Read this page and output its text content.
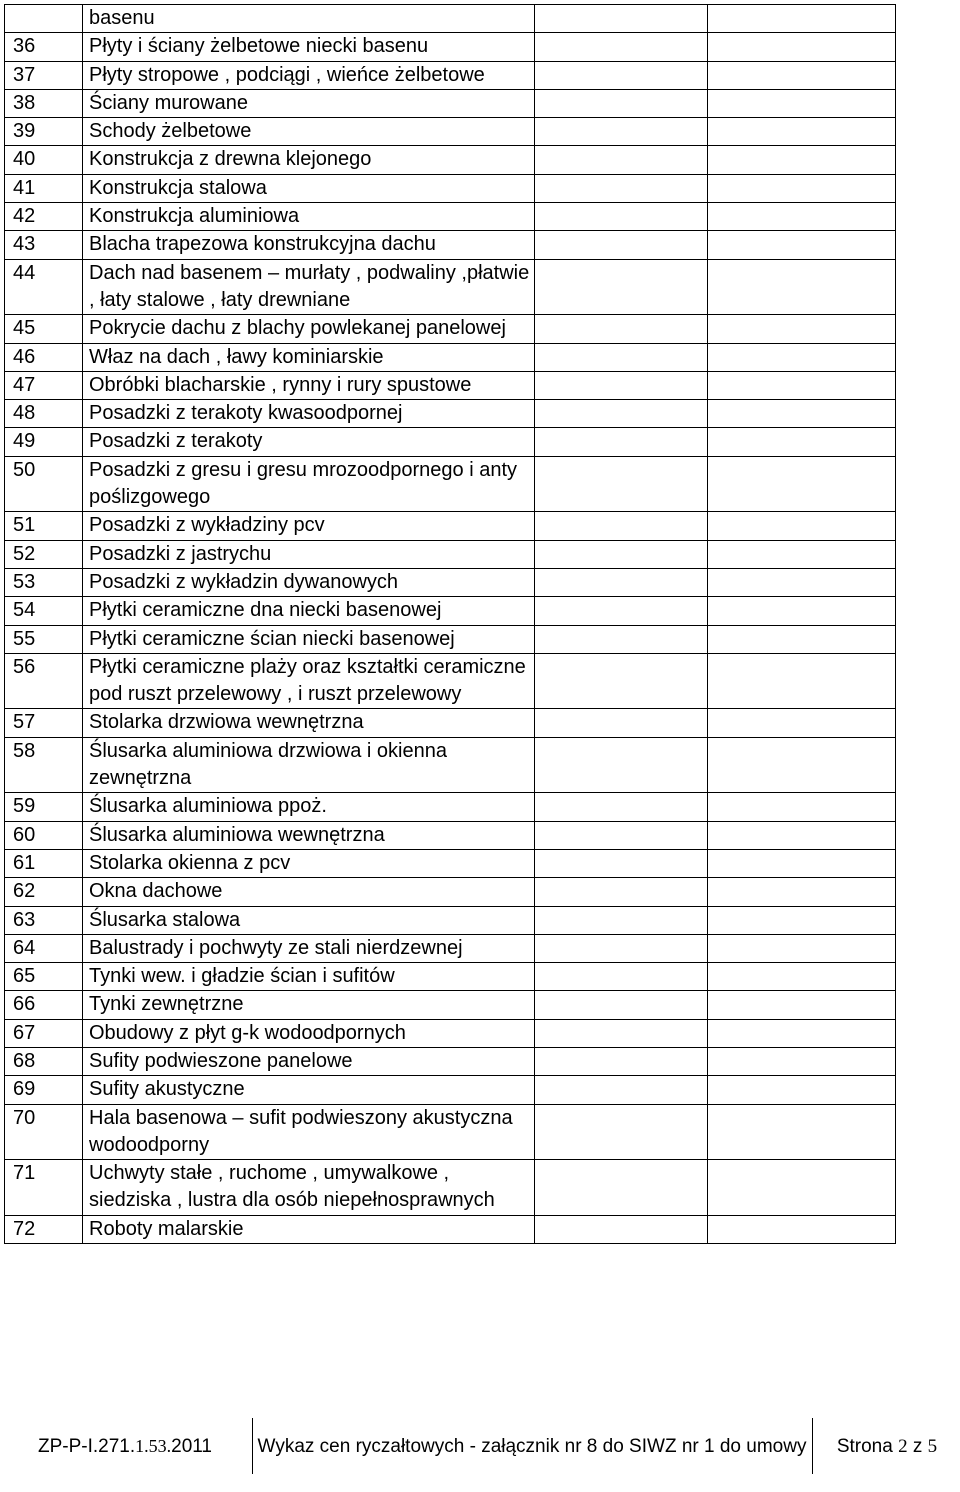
	basenu		
36	Płyty i ściany żelbetowe niecki basenu		
37	Płyty stropowe , podciągi , wieńce żelbetowe		
38	Ściany murowane		
39	Schody żelbetowe		
40	Konstrukcja z drewna klejonego		
41	Konstrukcja stalowa		
42	Konstrukcja aluminiowa		
43	Blacha trapezowa konstrukcyjna dachu		
44	Dach nad basenem – murłaty , podwaliny ,płatwie , łaty stalowe , łaty drewniane		
45	Pokrycie dachu z blachy powlekanej panelowej		
46	Właz na dach , ławy kominiarskie		
47	Obróbki blacharskie , rynny i rury spustowe		
48	Posadzki z terakoty kwasoodpornej		
49	Posadzki z terakoty		
50	Posadzki z gresu i gresu mrozoodpornego i anty poślizgowego		
51	Posadzki z wykładziny pcv		
52	Posadzki z jastrychu		
53	Posadzki z wykładzin dywanowych		
54	Płytki ceramiczne dna niecki basenowej		
55	Płytki ceramiczne ścian niecki basenowej		
56	Płytki ceramiczne plaży oraz kształtki ceramiczne pod ruszt przelewowy , i ruszt przelewowy		
57	Stolarka drzwiowa wewnętrzna		
58	Ślusarka aluminiowa drzwiowa i okienna zewnętrzna		
59	Ślusarka aluminiowa ppoż.		
60	Ślusarka aluminiowa wewnętrzna		
61	Stolarka okienna z pcv		
62	Okna dachowe		
63	Ślusarka stalowa		
64	Balustrady i pochwyty ze stali nierdzewnej		
65	Tynki wew. i gładzie ścian i sufitów		
66	Tynki zewnętrzne		
67	Obudowy z płyt g-k wodoodpornych		
68	Sufity podwieszone panelowe		
69	Sufity akustyczne		
70	Hala basenowa – sufit podwieszony akustyczna wodoodporny		
71	Uchwyty stałe , ruchome , umywalkowe , siedziska , lustra dla osób niepełnosprawnych		
72	Roboty malarskie		
ZP-P-I.271. 1.53. 2011 Wykaz cen ryczałtowych - załącznik nr 8 do SIWZ nr 1 do umowy Strona
2
z
5
